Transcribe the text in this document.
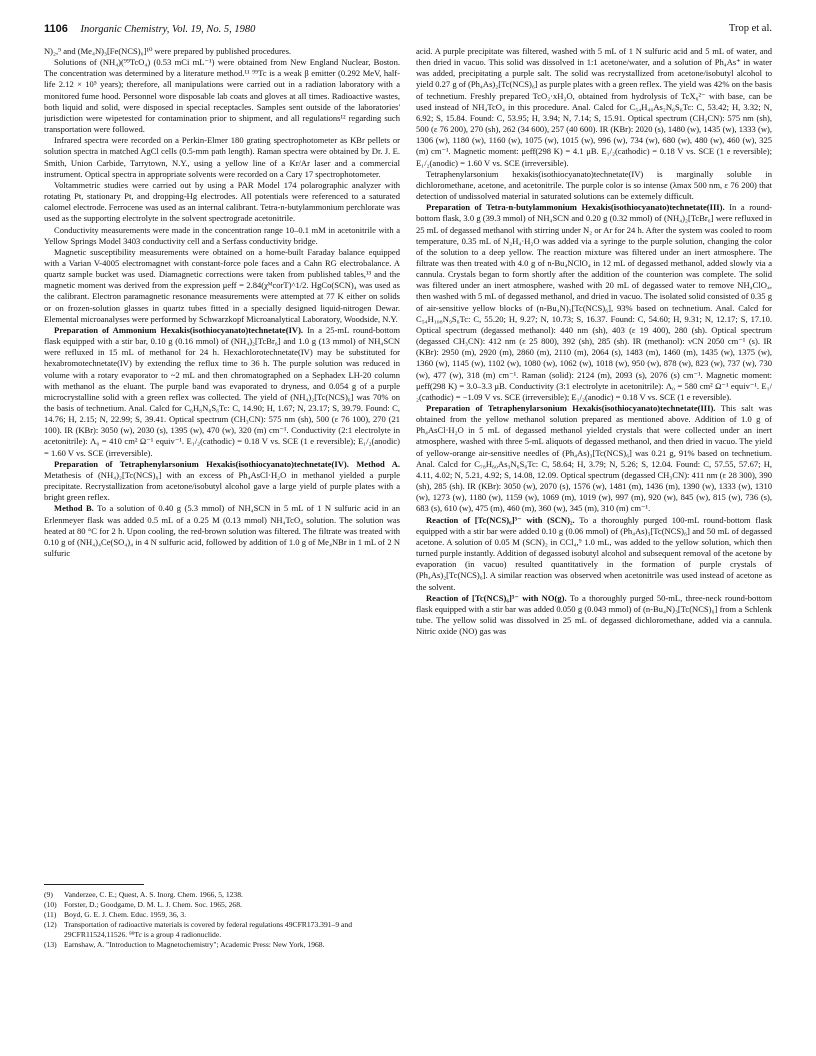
1106 Inorganic Chemistry, Vol. 19, No. 5, 1980	Trop et al.

N)₂,⁹ and (Me₄N)₃[Fe(NCS)₆]¹⁰ were prepared by published procedures.

Solutions of (NH₄)(⁹⁹TcO₄) (0.53 mCi mL⁻¹) were obtained from New England Nuclear, Boston. The concentration was determined by a literature method.¹¹ ⁹⁹Tc is a weak β emitter (0.292 MeV, half-life 2.12 × 10⁵ years); therefore, all manipulations were carried out in a radiation laboratory with a monitored fume hood. Personnel wore disposable lab coats and gloves at all times. Radioactive wastes, both liquid and solid, were disposed in special receptacles. Samples sent outside of the laboratories' jurisdiction were wipetested for contamination prior to shipment, and all regulations¹² regarding such transportation were followed.

Infrared spectra were recorded on a Perkin-Elmer 180 grating spectrophotometer as KBr pellets or solution spectra in matched AgCl cells (0.5-mm path length). Raman spectra were obtained by Dr. J. E. Smith, Union Carbide, Tarrytown, N.Y., using a yellow line of a Kr/Ar laser and a commercial instrument. Optical spectra in appropriate solvents were recorded on a Cary 17 spectrophotometer.

Voltammetric studies were carried out by using a PAR Model 174 polarographic analyzer with rotating Pt, stationary Pt, and dropping-Hg electrodes. All potentials were referenced to a saturated calomel electrode. Ferrocene was used as an internal calibrant. Tetra-n-butylammonium perchlorate was used as the supporting electrolyte in the solvent spectrograde acetonitrile.

Conductivity measurements were made in the concentration range 10–0.1 mM in acetonitrile with a Yellow Springs Model 3403 conductivity cell and a Serfass conductivity bridge.

Magnetic susceptibility measurements were obtained on a home-built Faraday balance equipped with a Varian V-4005 electromagnet with constant-force pole faces and a Cahn RG electrobalance. A quartz sample bucket was used. Diamagnetic corrections were taken from published tables,¹³ and the magnetic moment was derived from the expression μeff = 2.84(χᴹcorT)^1/2. HgCo(SCN)₄ was used as the calibrant. Electron paramagnetic resonance measurements were attempted at 77 K either on solids or on frozen-solution glasses in quartz tubes fitted in a specially designed liquid-nitrogen Dewar. Elemental microanalyses were performed by Schwarzkopf Microanalytical Laboratory, Woodside, N.Y.

Preparation of Ammonium Hexakis(isothiocyanato)technetate(IV). In a 25-mL round-bottom flask equipped with a stir bar, 0.10 g (0.16 mmol) of (NH₄)₂[TcBr₆] and 1.0 g (13 mmol) of NH₄SCN were refluxed in 15 mL of methanol for 24 h. Hexachlorotechnetate(IV) may be substituted for hexabromotechnetate(IV) by extending the reflux time to 36 h. The purple solution was reduced in volume with a rotary evaporator to ~2 mL and then chromatographed on a Sephadex LH-20 column with methanol as the eluant. The purple band was evaporated to dryness, and 0.054 g of a purple microcrystalline solid with a green reflex was collected. The yield of (NH₄)₂[Tc(NCS)₆] was 70% on the basis of technetium. Anal. Calcd for C₆H₈N₈S₆Tc: C, 14.90; H, 1.67; N, 23.17; S, 39.79. Found: C, 14.76; H, 2.15; N, 22.99; S, 39.41. Optical spectrum (CH₃CN): 575 nm (sh), 500 (ε 76 100), 270 (21 100). IR (KBr): 3050 (w), 2030 (s), 1395 (w), 470 (w), 320 (m) cm⁻¹. Conductivity (2:1 electrolyte in acetonitrile): Λ₀ = 410 cm² Ω⁻¹ equiv⁻¹. E₁/₂(cathodic) = 0.18 V vs. SCE (1 e reversible); E₁/₂(anodic) = 1.60 V vs. SCE (irreversible).

Preparation of Tetraphenylarsonium Hexakis(isothiocyanato)technetate(IV). Method A. Metathesis of (NH₄)₂[Tc(NCS)₆] with an excess of Ph₄AsCl·H₂O in methanol yielded a purple precipitate. Recrystallization from acetone/isobutyl alcohol gave a large yield of purple plates with a bright green reflex.

Method B. To a solution of 0.40 g (5.3 mmol) of NH₄SCN in 5 mL of 1 N sulfuric acid in an Erlenmeyer flask was added 0.5 mL of a 0.25 M (0.13 mmol) NH₄TcO₄ solution. The solution was heated at 80 °C for 2 h. Upon cooling, the red-brown solution was filtered. The filtrate was treated with 0.10 g of (NH₄)₄Ce(SO₄)₄ in 4 N sulfuric acid, followed by addition of 1.0 g of Me₄NBr in 1 mL of 2 N sulfuric

acid. A purple precipitate was filtered, washed with 5 mL of 1 N sulfuric acid and 5 mL of water, and then dried in vacuo. This solid was dissolved in 1:1 acetone/water, and a solution of Ph₄As⁺ in water was added, precipitating a purple salt. The solid was recrystallized from acetone/isobutyl alcohol to yield 0.27 g of (Ph₄As)₂[Tc(NCS)₆] as purple plates with a green reflex. The yield was 42% on the basis of technetium. Freshly prepared TcO₂·xH₂O, obtained from hydrolysis of TcX₆²⁻ with base, can be used instead of NH₄TcO₄ in this procedure. Anal. Calcd for C₅₄H₄₀As₂N₆S₆Tc: C, 53.42; H, 3.32; N, 6.92; S, 15.84. Found: C, 53.95; H, 3.94; N, 7.14; S, 15.91. Optical spectrum (CH₃CN): 575 nm (sh), 500 (ε 76 200), 270 (sh), 262 (34 600), 257 (40 600). IR (KBr): 2020 (s), 1480 (w), 1435 (w), 1333 (w), 1306 (w), 1180 (w), 1160 (w), 1075 (w), 1015 (w), 996 (w), 734 (w), 680 (w), 480 (w), 460 (w), 325 (m) cm⁻¹. Magnetic moment: μeff(298 K) = 4.1 μB. E₁/₂(cathodic) = 0.18 V vs. SCE (1 e reversible); E₁/₂(anodic) = 1.60 V vs. SCE (irreversible).

Tetraphenylarsonium hexakis(isothiocyanato)technetate(IV) is marginally soluble in dichloromethane, acetone, and acetonitrile. The purple color is so intense (λmax 500 nm, ε 76 200) that detection of undissolved material in saturated solutions can be extemely difficult.

Preparation of Tetra-n-butylammonium Hexakis(isothiocyanato)technetate(III). In a round-bottom flask, 3.0 g (39.3 mmol) of NH₄SCN and 0.20 g (0.32 mmol) of (NH₄)₂[TcBr₆] were refluxed in 25 mL of degassed methanol with stirring under N₂ or Ar for 24 h. After the system was cooled to room temperature, 0.35 mL of N₂H₄·H₂O was added via a syringe to the purple solution, changing the color of the solution to a deep yellow. The reaction mixture was filtered under an inert atmosphere. The filtrate was then treated with 4.0 g of n-Bu₄NClO₄ in 12 mL of degassed methanol, added slowly via a cannula. Crystals began to form shortly after the addition of the counterion was complete. The solid was filtered under an inert atmosphere, washed with 20 mL of degassed water to remove NH₄ClO₄, then washed with 5 mL of degassed methanol, and dried in vacuo. The isolated solid consisted of 0.35 g of air-sensitive yellow blocks of (n-Bu₄N)₃[Tc(NCS)₆], 93% based on technetium. Anal. Calcd for C₅₄H₁₀₈N₉S₆Tc: C, 55.20; H, 9.27; N, 10.73; S, 16.37. Found: C, 54.60; H, 9.31; N, 12.17; S, 17.10. Optical spectrum (degassed methanol): 440 nm (sh), 403 (ε 19 400), 280 (sh). Optical spectrum (degassed CH₃CN): 412 nm (ε 25 800), 392 (sh), 285 (sh). IR (methanol): νCN 2050 cm⁻¹ (s). IR (KBr): 2950 (m), 2920 (m), 2860 (m), 2110 (m), 2064 (s), 1483 (m), 1460 (m), 1435 (w), 1375 (w), 1360 (w), 1145 (w), 1102 (w), 1080 (w), 1062 (w), 1018 (w), 950 (w), 878 (w), 823 (w), 737 (w), 730 (w), 477 (w), 318 (m) cm⁻¹. Raman (solid): 2124 (m), 2093 (s), 2076 (s) cm⁻¹. Magnetic moment: μeff(298 K) = 3.0–3.3 μB. Conductivity (3:1 electrolyte in acetonitrile): Λ₀ = 580 cm² Ω⁻¹ equiv⁻¹. E₁/₂(cathodic) = −1.09 V vs. SCE (irreversible); E₁/₂(anodic) = 0.18 V vs. SCE (1 e reversible).

Preparation of Tetraphenylarsonium Hexakis(isothiocyanato)technetate(III). This salt was obtained from the yellow methanol solution prepared as mentioned above. Addition of 1.0 g of Ph₄AsCl·H₂O in 5 mL of degassed methanol yielded crystals that were collected under an inert atmosphere, washed with three 5-mL aliquots of degassed methanol, and then dried in vacuo. The yield of yellow-orange air-sensitive needles of (Ph₄As)₃[Tc(NCS)₆] was 0.21 g, 91% based on technetium. Anal. Calcd for C₇₈H₆₀As₃N₆S₆Tc: C, 58.64; H, 3.79; N, 5.26; S, 12.04. Found: C, 57.55, 57.67; H, 4.11, 4.02; N, 5.21, 4.92; S, 14.08, 12.09. Optical spectrum (degassed CH₃CN): 411 nm (ε 28 300), 390 (sh), 285 (sh). IR (KBr): 3050 (w), 2070 (s), 1576 (w), 1481 (m), 1436 (m), 1390 (w), 1333 (w), 1310 (w), 1273 (w), 1180 (w), 1159 (w), 1069 (m), 1019 (w), 997 (m), 920 (w), 845 (w), 815 (w), 736 (s), 683 (s), 610 (w), 475 (m), 460 (m), 360 (w), 345 (m), 310 (m) cm⁻¹.

Reaction of [Tc(NCS)₆]³⁻ with (SCN)₂. To a thoroughly purged 100-mL round-bottom flask equipped with a stir bar were added 0.10 g (0.06 mmol) of (Ph₄As)₃[Tc(NCS)₆] and 50 mL of degassed acetone. A solution of 0.05 M (SCN)₂ in CCl₄,⁹ 1.0 mL, was added to the yellow solution, which then turned purple instantly. Addition of degassed isobutyl alcohol and subsequent removal of the acetone by evaporation (in vacuo) resulted quantitatively in the formation of purple crystals of (Ph₄As)₂[Tc(NCS)₆]. A similar reaction was observed when acetonitrile was used instead of acetone as the solvent.

Reaction of [Tc(NCS)₆]³⁻ with NO(g). To a thoroughly purged 50-mL, three-neck round-bottom flask equipped with a stir bar was added 0.050 g (0.043 mmol) of (n-Bu₄N)₃[Tc(NCS)₆] from a Schlenk tube. The yellow solid was dissolved in 25 mL of degassed dichloromethane, added via a cannula. Nitric oxide (NO) gas was

(9)	Vanderzee, C. E.; Quest, A. S. Inorg. Chem. 1966, 5, 1238.
(10) Forster, D.; Goodgame, D. M. L. J. Chem. Soc. 1965, 268.
(11)	Boyd, G. E. J. Chem. Educ. 1959, 36, 3.
(12) Transportation of radioactive materials is covered by federal regulations 49CFR173.391–9 and 29CFR11524,11526. ⁹⁹Tc is a group 4 radionuclide.
(13) Earnshaw, A. "Introduction to Magnetochemistry"; Academic Press: New York, 1968.
